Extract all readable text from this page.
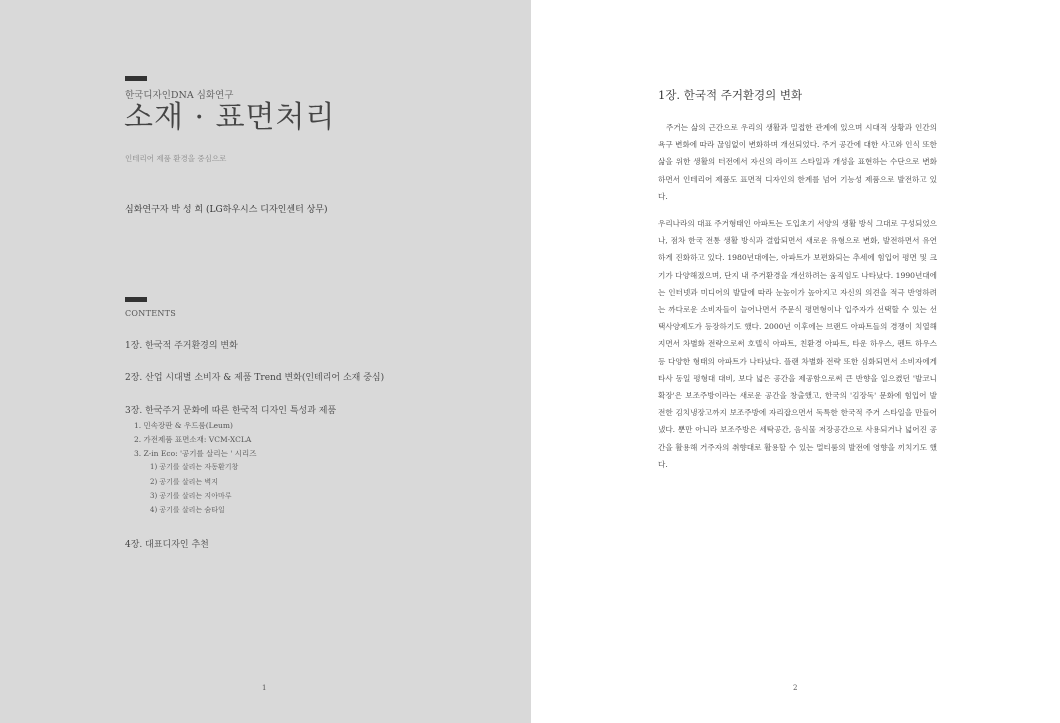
한국디자인DNA 심화연구
소재 · 표면처리
인테리어 제품 환경을 중심으로
심화연구자 박 성 희 (LG하우시스 디자인센터 상무)
CONTENTS
1장. 한국적 주거환경의 변화
2장. 산업 시대별 소비자 & 제품 Trend 변화(인테리어 소재 중심)
3장. 한국주거 문화에 따른 한국적 디자인 특성과 제품
1. 민속장판 & 우드룸(Leum)
2. 가전제품 표면소재: VCM-XCLA
3. Z-in Eco: '공기를 살리는 ' 시리즈
1) 공기를 살리는 자동환기창
2) 공기를 살리는 벽지
3) 공기를 살리는 지아마루
4) 공기를 살리는 숨타일
4장. 대표디자인 추천
1
1장. 한국적 주거환경의 변화

주거는 삶의 근간으로 우리의 생활과 밀접한 관계에 있으며 시대적 상황과 인간의 욕구 변화에 따라 끊임없이 변화하며 개선되었다. 주거 공간에 대한 사고와 인식 또한 삶을 위한 생활의 터전에서 자신의 라이프 스타일과 개성을 표현하는 수단으로 변화하면서 인테리어 제품도 표면적 디자인의 한계를 넘어 기능성 제품으로 발전하고 있다.

우리나라의 대표 주거형태인 아파트는 도입초기 서양의 생활 방식 그대로 구성되었으나, 점차 한국 전통 생활 방식과 결합되면서 새로운 유형으로 변화, 발전하면서 유연하게 진화하고 있다. 1980년대에는, 아파트가 보편화되는 추세에 힘입어 평면 및 크기가 다양해졌으며, 단지 내 주거환경을 개선하려는 움직임도 나타났다. 1990년대에는 인터넷과 미디어의 발달에 따라 눈높이가 높아지고 자신의 의견을 적극 반영하려는 까다로운 소비자들이 늘어나면서 주문식 평면형이나 입주자가 선택할 수 있는 선택사양제도가 등장하기도 했다. 2000년 이후에는 브랜드 아파트들의 경쟁이 치열해지면서 차별화 전략으로써 호텔식 아파트, 친환경 아파트, 타운 하우스, 펜트 하우스 등 다양한 형태의 아파트가 나타났다. 플랜 차별화 전략 또한 심화되면서 소비자에게 타사 동일 평형대 대비, 보다 넓은 공간을 제공함으로써 큰 반향을 일으켰던 '발코니 확장'은 보조주방이라는 새로운 공간을 창출했고, 한국의 '김장독' 문화에 힘입어 발전한 김치냉장고까지 보조주방에 자리잡으면서 독특한 한국적 주거 스타일을 만들어냈다. 뿐만 아니라 보조주방은 세탁공간, 음식물 저장공간으로 사용되거나 넓어진 공간을 활용해 거주자의 취향대로 활용할 수 있는 멀티룸의 발전에 영향을 끼치기도 했다.

2
